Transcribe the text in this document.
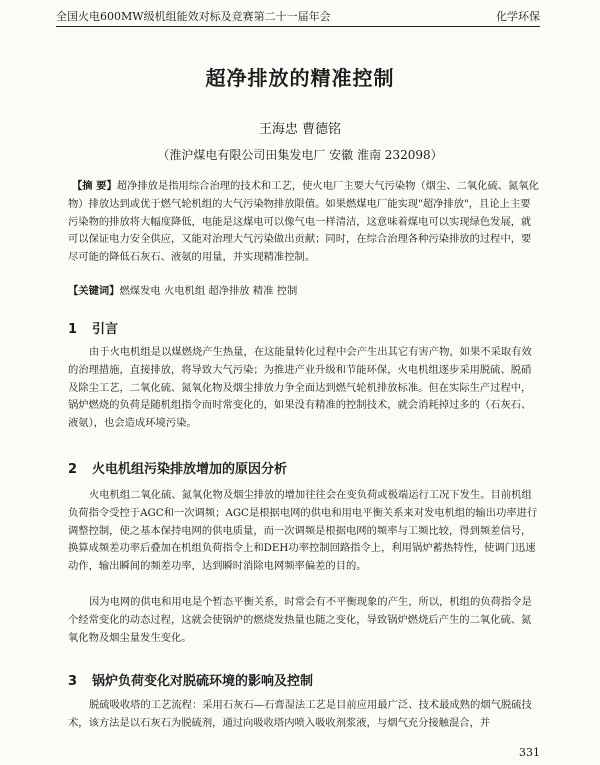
全国火电600MW级机组能效对标及竞赛第二十一届年会	化学环保
超净排放的精准控制
王海忠 曹德铭
（淮沪煤电有限公司田集发电厂 安徽 淮南 232098）
【摘 要】超净排放是指用综合治理的技术和工艺，使火电厂主要大气污染物（烟尘、二氧化硫、氮氧化物）排放达到或优于燃气轮机组的大气污染物排放限值。如果燃煤电厂能实现"超净排放"，且论上主要污染物的排放将大幅度降低，电能是这煤电可以像气电一样清洁，这意味着煤电可以实现绿色发展，就可以保证电力安全供应，又能对治理大气污染做出贡献；同时，在综合治理各种污染排放的过程中，要尽可能的降低石灰石、液氨的用量，并实现精准控制。
【关键词】燃煤发电 火电机组 超净排放 精准 控制
1 引言
由于火电机组是以煤燃烧产生热量，在这能量转化过程中会产生出其它有害产物，如果不采取有效的治理措施，直接排放，将导致大气污染；为推进产业升级和节能环保，火电机组逐步采用脱硫、脱硝及除尘工艺，二氧化硫、氮氧化物及烟尘排放力争全面达到燃气轮机排放标准。但在实际生产过程中，锅炉燃烧的负荷是随机组指令而时常变化的，如果没有精准的控制技术，就会消耗掉过多的（石灰石、液氨），也会造成环境污染。
2 火电机组污染排放增加的原因分析
火电机组二氧化硫、氮氧化物及烟尘排放的增加往往会在变负荷或极端运行工况下发生。目前机组负荷指令受控于AGC和一次调频；AGC是根据电网的供电和用电平衡关系来对发电机组的输出功率进行调整控制，使之基本保持电网的供电质量，而一次调频是根据电网的频率与工频比较，得到频差信号，换算成频差功率后叠加在机组负荷指令上和DEH功率控制回路指令上，利用锅炉蓄热特性，使调门迅速动作，输出瞬间的频差功率，达到瞬时消除电网频率偏差的目的。
因为电网的供电和用电是个暂态平衡关系，时常会有不平衡现象的产生，所以，机组的负荷指令是个经常变化的动态过程，这就会使锅炉的燃烧发热量也随之变化，导致锅炉燃烧后产生的二氧化硫、氮氧化物及烟尘量发生变化。
3 锅炉负荷变化对脱硫环境的影响及控制
脱硫吸收塔的工艺流程：采用石灰石—石膏湿法工艺是目前应用最广泛、技术最成熟的烟气脱硫技术，该方法是以石灰石为脱硫剂，通过向吸收塔内喷入吸收剂浆液，与烟气充分接触混合，并
331
